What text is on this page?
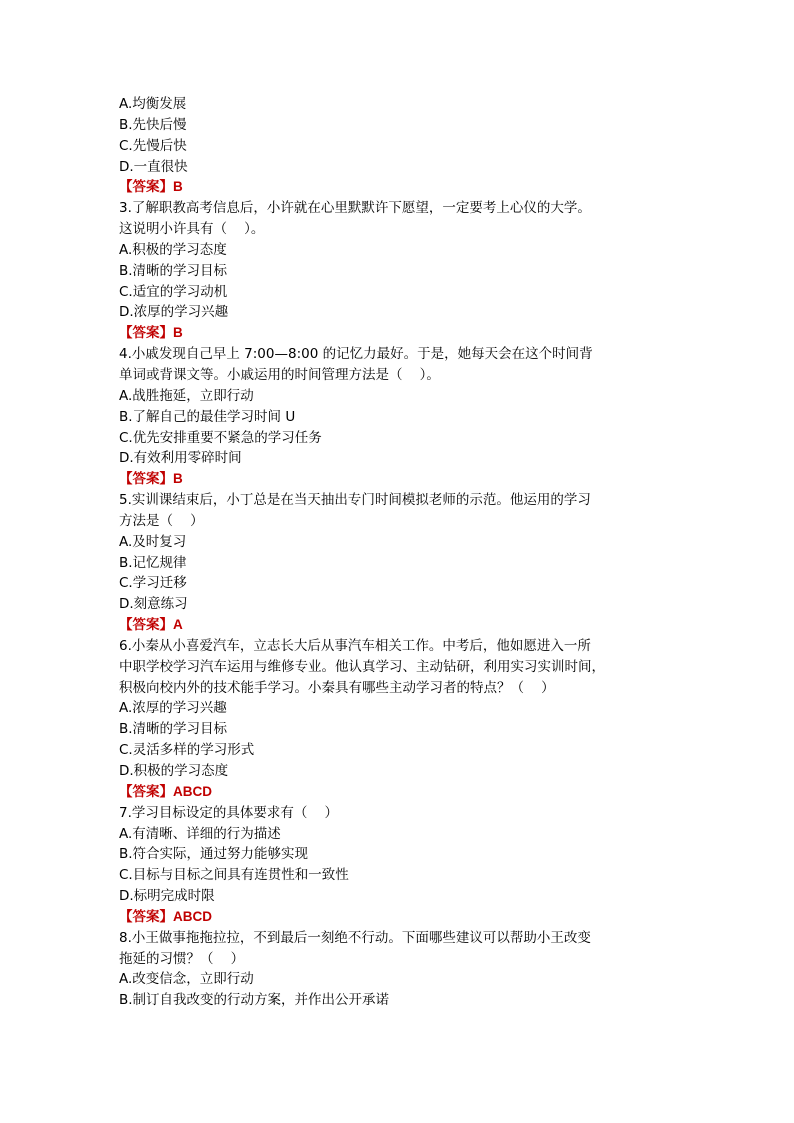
A.均衡发展
B.先快后慢
C.先慢后快
D.一直很快
【答案】B
3.了解职教高考信息后，小许就在心里默默许下愿望，一定要考上心仪的大学。
这说明小许具有（    ）。
A.积极的学习态度
B.清晰的学习目标
C.适宜的学习动机
D.浓厚的学习兴趣
【答案】B
4.小戚发现自己早上 7:00—8:00 的记忆力最好。于是，她每天会在这个时间背
单词或背课文等。小戚运用的时间管理方法是（    ）。
A.战胜拖延，立即行动
B.了解自己的最佳学习时间 U
C.优先安排重要不紧急的学习任务
D.有效利用零碎时间
【答案】B
5.实训课结束后，小丁总是在当天抽出专门时间模拟老师的示范。他运用的学习
方法是（    ）
A.及时复习
B.记忆规律
C.学习迁移
D.刻意练习
【答案】A
6.小秦从小喜爱汽车，立志长大后从事汽车相关工作。中考后，他如愿进入一所
中职学校学习汽车运用与维修专业。他认真学习、主动钻研，利用实习实训时间，
积极向校内外的技术能手学习。小秦具有哪些主动学习者的特点？（    ）
A.浓厚的学习兴趣
B.清晰的学习目标
C.灵活多样的学习形式
D.积极的学习态度
【答案】ABCD
7.学习目标设定的具体要求有（    ）
A.有清晰、详细的行为描述
B.符合实际，通过努力能够实现
C.目标与目标之间具有连贯性和一致性
D.标明完成时限
【答案】ABCD
8.小王做事拖拖拉拉，不到最后一刻绝不行动。下面哪些建议可以帮助小王改变
拖延的习惯？（    ）
A.改变信念，立即行动
B.制订自我改变的行动方案，并作出公开承诺
